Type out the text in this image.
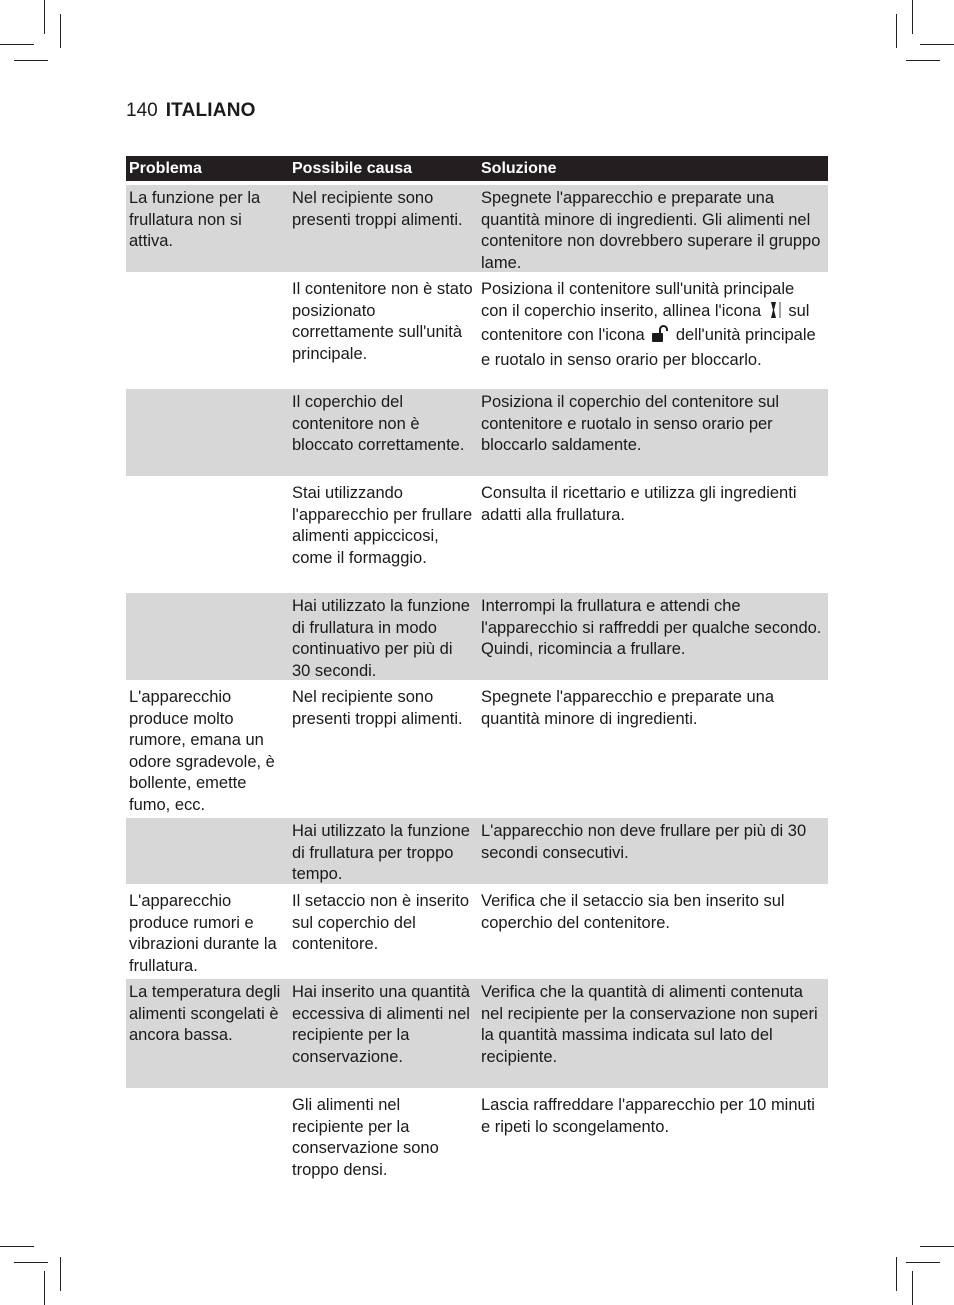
140 ITALIANO
Problema	Possibile causa	Soluzione
La funzione per la frullatura non si attiva.
Nel recipiente sono presenti troppi alimenti.
Spegnete l'apparecchio e preparate una quantità minore di ingredienti. Gli alimenti nel contenitore non dovrebbero superare il gruppo lame.
Il contenitore non è stato posizionato correttamente sull'unità principale.
Posiziona il contenitore sull'unità principale con il coperchio inserito, allinea l'icona sul contenitore con l'icona dell'unità principale e ruotalo in senso orario per bloccarlo.
Il coperchio del contenitore non è bloccato correttamente.
Posiziona il coperchio del contenitore sul contenitore e ruotalo in senso orario per bloccarlo saldamente.
Stai utilizzando l'apparecchio per frullare alimenti appiccicosi, come il formaggio.
Consulta il ricettario e utilizza gli ingredienti adatti alla frullatura.
Hai utilizzato la funzione di frullatura in modo continuativo per più di 30 secondi.
Interrompi la frullatura e attendi che l'apparecchio si raffreddi per qualche secondo. Quindi, ricomincia a frullare.
L'apparecchio produce molto rumore, emana un odore sgradevole, è bollente, emette fumo, ecc.
Nel recipiente sono presenti troppi alimenti.
Spegnete l'apparecchio e preparate una quantità minore di ingredienti.
Hai utilizzato la funzione di frullatura per troppo tempo.
L'apparecchio non deve frullare per più di 30 secondi consecutivi.
L'apparecchio produce rumori e vibrazioni durante la frullatura.
Il setaccio non è inserito sul coperchio del contenitore.
Verifica che il setaccio sia ben inserito sul coperchio del contenitore.
La temperatura degli alimenti scongelati è ancora bassa.
Hai inserito una quantità eccessiva di alimenti nel recipiente per la conservazione.
Verifica che la quantità di alimenti contenuta nel recipiente per la conservazione non superi la quantità massima indicata sul lato del recipiente.
Gli alimenti nel recipiente per la conservazione sono troppo densi.
Lascia raffreddare l'apparecchio per 10 minuti e ripeti lo scongelamento.
